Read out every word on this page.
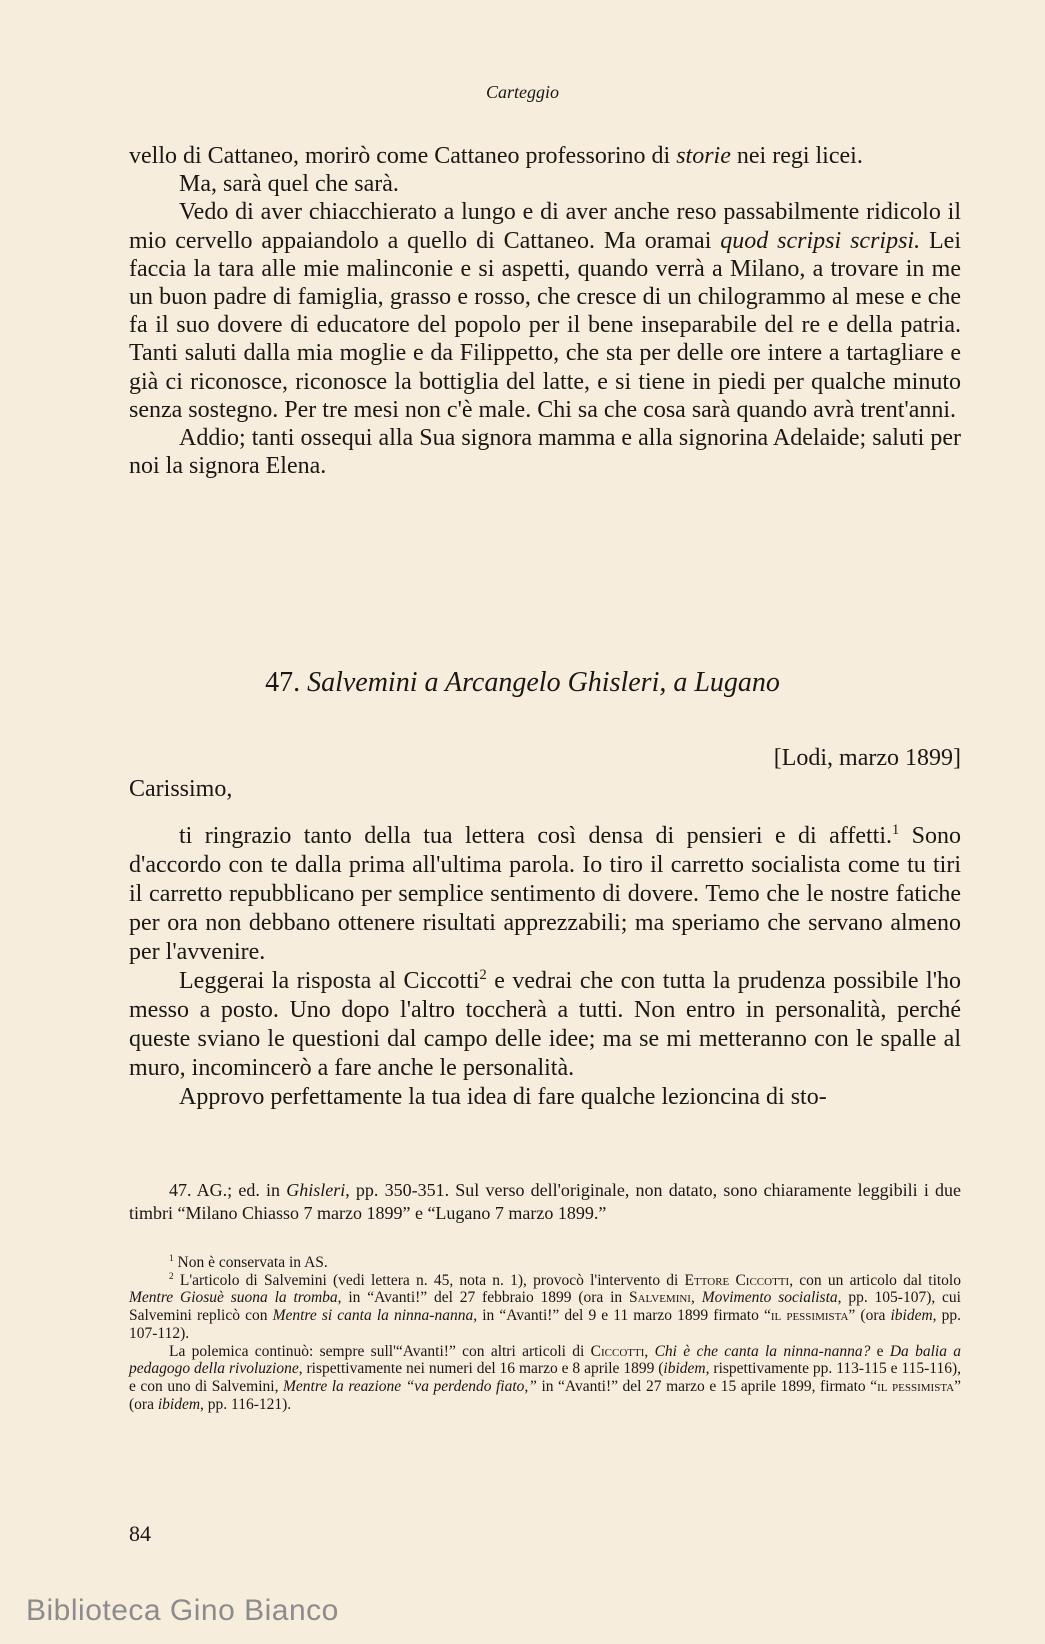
Carteggio

vello di Cattaneo, morirò come Cattaneo professorino di storie nei regi licei.

Ma, sarà quel che sarà.

Vedo di aver chiacchierato a lungo e di aver anche reso passabilmente ridicolo il mio cervello appaiandolo a quello di Cattaneo. Ma oramai quod scripsi scripsi. Lei faccia la tara alle mie malinconie e si aspetti, quando verrà a Milano, a trovare in me un buon padre di famiglia, grasso e rosso, che cresce di un chilogrammo al mese e che fa il suo dovere di educatore del popolo per il bene inseparabile del re e della patria. Tanti saluti dalla mia moglie e da Filippetto, che sta per delle ore intere a tartagliare e già ci riconosce, riconosce la bottiglia del latte, e si tiene in piedi per qualche minuto senza sostegno. Per tre mesi non c'è male. Chi sa che cosa sarà quando avrà trent'anni.

Addio; tanti ossequi alla Sua signora mamma e alla signorina Adelaide; saluti per noi la signora Elena.

47. Salvemini a Arcangelo Ghisleri, a Lugano
[Lodi, marzo 1899]
Carissimo,

ti ringrazio tanto della tua lettera così densa di pensieri e di affetti.$^1$ Sono d'accordo con te dalla prima all'ultima parola. Io tiro il carretto socialista come tu tiri il carretto repubblicano per semplice sentimento di dovere. Temo che le nostre fatiche per ora non debbano ottenere risultati apprezzabili; ma speriamo che servano almeno per l'avvenire.

Leggerai la risposta al Ciccotti$^2$ e vedrai che con tutta la prudenza possibile l'ho messo a posto. Uno dopo l'altro toccherà a tutti. Non entro in personalità, perché queste sviano le questioni dal campo delle idee; ma se mi metteranno con le spalle al muro, incomincerò a fare anche le personalità.

Approvo perfettamente la tua idea di fare qualche lezioncina di sto-

47. AG.; ed. in Ghisleri, pp. 350-351. Sul verso dell'originale, non datato, sono chiaramente leggibili i due timbri “Milano Chiasso 7 marzo 1899” e “Lugano 7 marzo 1899.”

$^1$ Non è conservata in AS.

$^2$ L'articolo di Salvemini (vedi lettera n. 45, nota n. 1), provocò l'intervento di Ettore Ciccotti, con un articolo dal titolo Mentre Giosuè suona la tromba, in “Avanti!” del 27 febbraio 1899 (ora in Salvemini, Movimento socialista, pp. 105-107), cui Salvemini replicò con Mentre si canta la ninna-nanna, in “Avanti!” del 9 e 11 marzo 1899 firmato “il pessimista” (ora ibidem, pp. 107-112).

La polemica continuò: sempre sull'“Avanti!” con altri articoli di Ciccotti, Chi è che canta la ninna-nanna? e Da balia a pedagogo della rivoluzione, rispettivamente nei numeri del 16 marzo e 8 aprile 1899 (ibidem, rispettivamente pp. 113-115 e 115-116), e con uno di Salvemini, Mentre la reazione “va perdendo fiato,” in “Avanti!” del 27 marzo e 15 aprile 1899, firmato “il pessimista” (ora ibidem, pp. 116-121).

84
Biblioteca Gino Bianco
